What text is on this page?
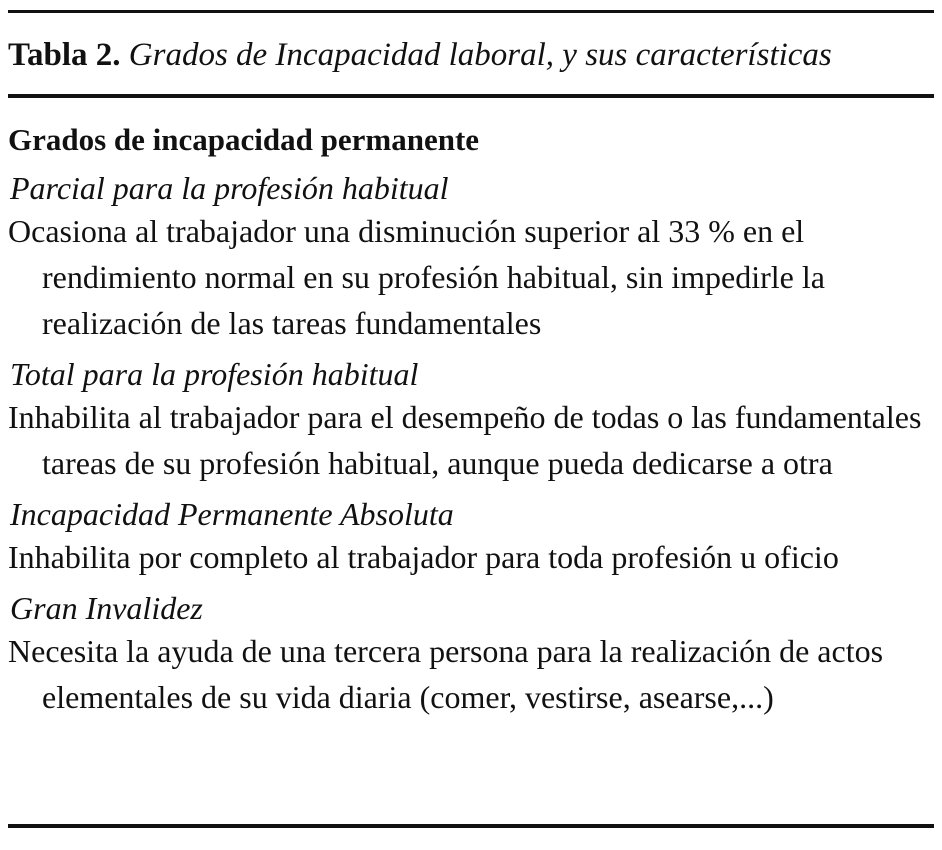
Tabla 2. Grados de Incapacidad laboral, y sus características
Grados de incapacidad permanente
Parcial para la profesión habitual
Ocasiona al trabajador una disminución superior al 33 % en el rendimiento normal en su profesión habitual, sin impedirle la realización de las tareas fundamentales
Total para la profesión habitual
Inhabilita al trabajador para el desempeño de todas o las fundamentales tareas de su profesión habitual, aunque pueda dedicarse a otra
Incapacidad Permanente Absoluta
Inhabilita por completo al trabajador para toda profesión u oficio
Gran Invalidez
Necesita la ayuda de una tercera persona para la realización de actos elementales de su vida diaria (comer, vestirse, asearse,...)
